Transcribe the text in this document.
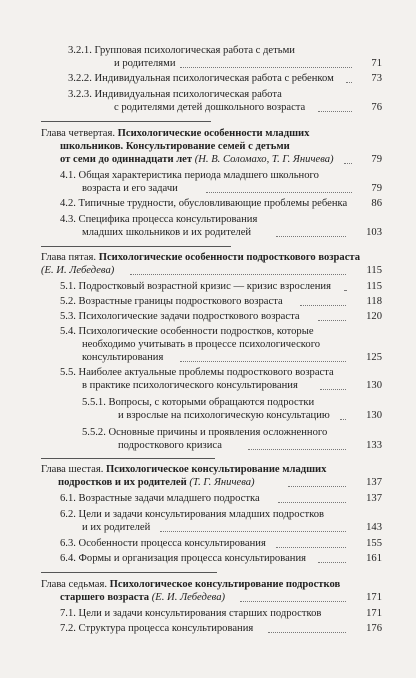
3.2.1. Групповая психологическая работа с детьми
и родителями	71
3.2.2. Индивидуальная психологическая работа с ребенком	73
3.2.3. Индивидуальная психологическая работа
с родителями детей дошкольного возраста	76
Глава четвертая. Психологические особенности младших
школьников. Консультирование семей с детьми
от семи до одиннадцати лет (Н. В. Соломахо, Т. Г. Яничева)	79
4.1. Общая характеристика периода младшего школьного
возраста и его задачи	79
4.2. Типичные трудности, обусловливающие проблемы ребенка	86
4.3. Специфика процесса консультирования
младших школьников и их родителей	103
Глава пятая. Психологические особенности подросткового возраста
(Е. И. Лебедева)	115
5.1. Подростковый возрастной кризис — кризис взросления	115
5.2. Возрастные границы подросткового возраста	118
5.3. Психологические задачи подросткового возраста	120
5.4. Психологические особенности подростков, которые
необходимо учитывать в процессе психологического
консультирования	125
5.5. Наиболее актуальные проблемы подросткового возраста
в практике психологического консультирования	130
5.5.1. Вопросы, с которыми обращаются подростки
и взрослые на психологическую консультацию	130
5.5.2. Основные причины и проявления осложненного
подросткового кризиса	133
Глава шестая. Психологическое консультирование младших
подростков и их родителей (Т. Г. Яничева)	137
6.1. Возрастные задачи младшего подростка	137
6.2. Цели и задачи консультирования младших подростков
и их родителей	143
6.3. Особенности процесса консультирования	155
6.4. Формы и организация процесса консультирования	161
Глава седьмая. Психологическое консультирование подростков
старшего возраста (Е. И. Лебедева)	171
7.1. Цели и задачи консультирования старших подростков	171
7.2. Структура процесса консультирования	176
